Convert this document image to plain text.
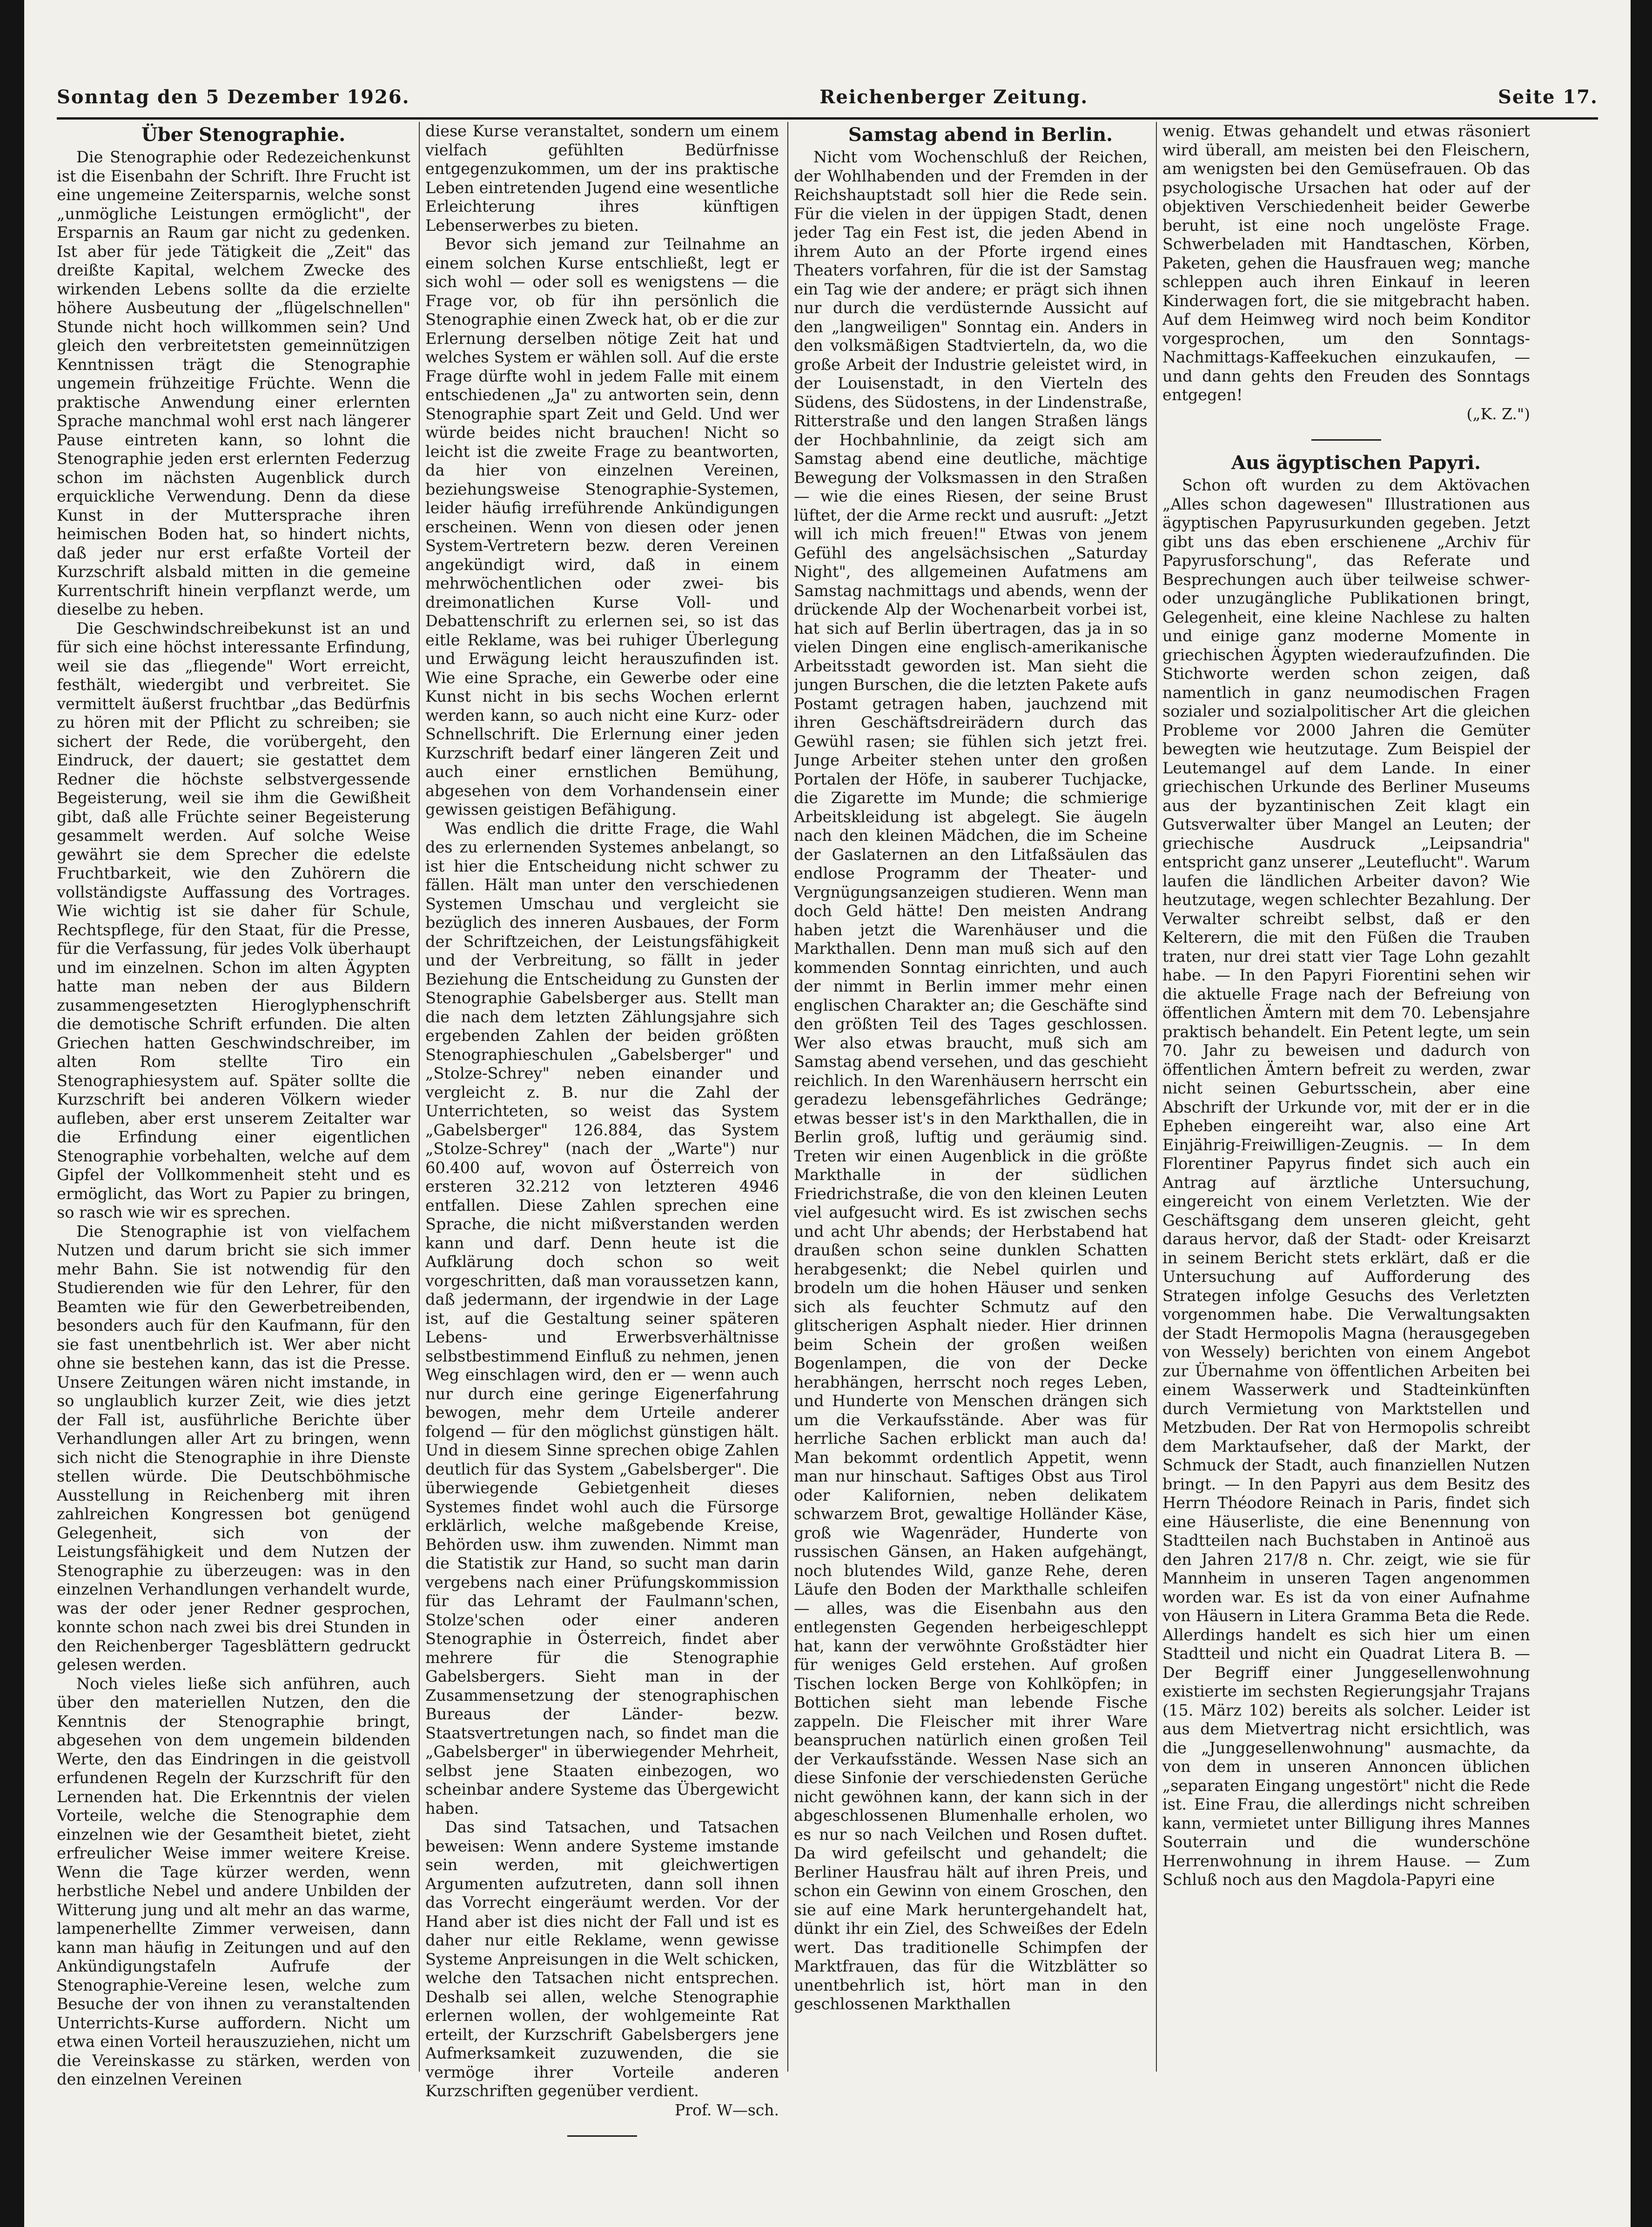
Sonntag den 5 Dezember 1926.	Reichenberger Zeitung.	Seite 17.

Über Stenographie.

Die Stenographie oder Redezeichenkunst ist die Eisenbahn der Schrift. Ihre Frucht ist eine ungemeine Zeitersparnis, welche sonst „unmögliche Leistungen ermöglicht", der Ersparnis an Raum gar nicht zu gedenken. Ist aber für jede Tätigkeit die „Zeit" das dreißte Kapital, welchem Zwecke des wirkenden Lebens sollte da die erzielte höhere Ausbeutung der „flügelschnellen" Stunde nicht hoch willkommen sein? Und gleich den verbreitetsten gemeinnützigen Kenntnissen trägt die Stenographie ungemein frühzeitige Früchte. Wenn die praktische Anwendung einer erlernten Sprache manchmal wohl erst nach längerer Pause eintreten kann, so lohnt die Stenographie jeden erst erlernten Federzug schon im nächsten Augenblick durch erquickliche Verwendung. Denn da diese Kunst in der Muttersprache ihren heimischen Boden hat, so hindert nichts, daß jeder nur erst erfaßte Vorteil der Kurzschrift alsbald mitten in die gemeine Kurrentschrift hinein verpflanzt werde, um dieselbe zu heben.

Die Geschwindschreibekunst ist an und für sich eine höchst interessante Erfindung, weil sie das „fliegende" Wort erreicht, festhält, wiedergibt und verbreitet. Sie vermittelt äußerst fruchtbar „das Bedürfnis zu hören mit der Pflicht zu schreiben; sie sichert der Rede, die vorübergeht, den Eindruck, der dauert; sie gestattet dem Redner die höchste selbstvergessende Begeisterung, weil sie ihm die Gewißheit gibt, daß alle Früchte seiner Begeisterung gesammelt werden. Auf solche Weise gewährt sie dem Sprecher die edelste Fruchtbarkeit, wie den Zuhörern die vollständigste Auffassung des Vortrages. Wie wichtig ist sie daher für Schule, Rechtspflege, für den Staat, für die Presse, für die Verfassung, für jedes Volk überhaupt und im einzelnen. Schon im alten Ägypten hatte man neben der aus Bildern zusammengesetzten Hieroglyphenschrift die demotische Schrift erfunden. Die alten Griechen hatten Geschwindschreiber, im alten Rom stellte Tiro ein Stenographiesystem auf. Später sollte die Kurzschrift bei anderen Völkern wieder aufleben, aber erst unserem Zeitalter war die Erfindung einer eigentlichen Stenographie vorbehalten, welche auf dem Gipfel der Vollkommenheit steht und es ermöglicht, das Wort zu Papier zu bringen, so rasch wie wir es sprechen.

Die Stenographie ist von vielfachem Nutzen und darum bricht sie sich immer mehr Bahn. Sie ist notwendig für den Studierenden wie für den Lehrer, für den Beamten wie für den Gewerbetreibenden, besonders auch für den Kaufmann, für den sie fast unentbehrlich ist. Wer aber nicht ohne sie bestehen kann, das ist die Presse. Unsere Zeitungen wären nicht imstande, in so unglaublich kurzer Zeit, wie dies jetzt der Fall ist, ausführliche Berichte über Verhandlungen aller Art zu bringen, wenn sich nicht die Stenographie in ihre Dienste stellen würde. Die Deutschböhmische Ausstellung in Reichenberg mit ihren zahlreichen Kongressen bot genügend Gelegenheit, sich von der Leistungsfähigkeit und dem Nutzen der Stenographie zu überzeugen: was in den einzelnen Verhandlungen verhandelt wurde, was der oder jener Redner gesprochen, konnte schon nach zwei bis drei Stunden in den Reichenberger Tagesblättern gedruckt gelesen werden.

Noch vieles ließe sich anführen, auch über den materiellen Nutzen, den die Kenntnis der Stenographie bringt, abgesehen von dem ungemein bildenden Werte, den das Eindringen in die geistvoll erfundenen Regeln der Kurzschrift für den Lernenden hat. Die Erkenntnis der vielen Vorteile, welche die Stenographie dem einzelnen wie der Gesamtheit bietet, zieht erfreulicher Weise immer weitere Kreise. Wenn die Tage kürzer werden, wenn herbstliche Nebel und andere Unbilden der Witterung jung und alt mehr an das warme, lampenerhellte Zimmer verweisen, dann kann man häufig in Zeitungen und auf den Ankündigungstafeln Aufrufe der Stenographie-Vereine lesen, welche zum Besuche der von ihnen zu veranstaltenden Unterrichts-Kurse auffordern. Nicht um etwa einen Vorteil herauszuziehen, nicht um die Vereinskasse zu stärken, werden von den einzelnen Vereinen

diese Kurse veranstaltet, sondern um einem vielfach gefühlten Bedürfnisse entgegenzukommen, um der ins praktische Leben eintretenden Jugend eine wesentliche Erleichterung ihres künftigen Lebenserwerbes zu bieten.

Bevor sich jemand zur Teilnahme an einem solchen Kurse entschließt, legt er sich wohl — oder soll es wenigstens — die Frage vor, ob für ihn persönlich die Stenographie einen Zweck hat, ob er die zur Erlernung derselben nötige Zeit hat und welches System er wählen soll. Auf die erste Frage dürfte wohl in jedem Falle mit einem entschiedenen „Ja" zu antworten sein, denn Stenographie spart Zeit und Geld. Und wer würde beides nicht brauchen! Nicht so leicht ist die zweite Frage zu beantworten, da hier von einzelnen Vereinen, beziehungsweise Stenographie-Systemen, leider häufig irreführende Ankündigungen erscheinen. Wenn von diesen oder jenen System-Vertretern bezw. deren Vereinen angekündigt wird, daß in einem mehrwöchentlichen oder zwei- bis dreimonatlichen Kurse Voll- und Debattenschrift zu erlernen sei, so ist das eitle Reklame, was bei ruhiger Überlegung und Erwägung leicht herauszufinden ist. Wie eine Sprache, ein Gewerbe oder eine Kunst nicht in bis sechs Wochen erlernt werden kann, so auch nicht eine Kurz- oder Schnellschrift. Die Erlernung einer jeden Kurzschrift bedarf einer längeren Zeit und auch einer ernstlichen Bemühung, abgesehen von dem Vorhandensein einer gewissen geistigen Befähigung.

Was endlich die dritte Frage, die Wahl des zu erlernenden Systemes anbelangt, so ist hier die Entscheidung nicht schwer zu fällen. Hält man unter den verschiedenen Systemen Umschau und vergleicht sie bezüglich des inneren Ausbaues, der Form der Schriftzeichen, der Leistungsfähigkeit und der Verbreitung, so fällt in jeder Beziehung die Entscheidung zu Gunsten der Stenographie Gabelsberger aus. Stellt man die nach dem letzten Zählungsjahre sich ergebenden Zahlen der beiden größten Stenographieschulen „Gabelsberger" und „Stolze-Schrey" neben einander und vergleicht z. B. nur die Zahl der Unterrichteten, so weist das System „Gabelsberger" 126.884, das System „Stolze-Schrey" (nach der „Warte") nur 60.400 auf, wovon auf Österreich von ersteren 32.212 von letzteren 4946 entfallen. Diese Zahlen sprechen eine Sprache, die nicht mißverstanden werden kann und darf. Denn heute ist die Aufklärung doch schon so weit vorgeschritten, daß man voraussetzen kann, daß jedermann, der irgendwie in der Lage ist, auf die Gestaltung seiner späteren Lebens- und Erwerbsverhältnisse selbstbestimmend Einfluß zu nehmen, jenen Weg einschlagen wird, den er — wenn auch nur durch eine geringe Eigenerfahrung bewogen, mehr dem Urteile anderer folgend — für den möglichst günstigen hält. Und in diesem Sinne sprechen obige Zahlen deutlich für das System „Gabelsberger". Die überwiegende Gebietgenheit dieses Systemes findet wohl auch die Fürsorge erklärlich, welche maßgebende Kreise, Behörden usw. ihm zuwenden. Nimmt man die Statistik zur Hand, so sucht man darin vergebens nach einer Prüfungskommission für das Lehramt der Faulmann'schen, Stolze'schen oder einer anderen Stenographie in Österreich, findet aber mehrere für die Stenographie Gabelsbergers. Sieht man in der Zusammensetzung der stenographischen Bureaus der Länder- bezw. Staatsvertretungen nach, so findet man die „Gabelsberger" in überwiegender Mehrheit, selbst jene Staaten einbezogen, wo scheinbar andere Systeme das Übergewicht haben.

Das sind Tatsachen, und Tatsachen beweisen: Wenn andere Systeme imstande sein werden, mit gleichwertigen Argumenten aufzutreten, dann soll ihnen das Vorrecht eingeräumt werden. Vor der Hand aber ist dies nicht der Fall und ist es daher nur eitle Reklame, wenn gewisse Systeme Anpreisungen in die Welt schicken, welche den Tatsachen nicht entsprechen. Deshalb sei allen, welche Stenographie erlernen wollen, der wohlgemeinte Rat erteilt, der Kurzschrift Gabelsbergers jene Aufmerksamkeit zuzuwenden, die sie vermöge ihrer Vorteile anderen Kurzschriften gegenüber verdient.

Prof. W—sch.

Samstag abend in Berlin.

Nicht vom Wochenschluß der Reichen, der Wohlhabenden und der Fremden in der Reichshauptstadt soll hier die Rede sein. Für die vielen in der üppigen Stadt, denen jeder Tag ein Fest ist, die jeden Abend in ihrem Auto an der Pforte irgend eines Theaters vorfahren, für die ist der Samstag ein Tag wie der andere; er prägt sich ihnen nur durch die verdüsternde Aussicht auf den „langweiligen" Sonntag ein. Anders in den volksmäßigen Stadtvierteln, da, wo die große Arbeit der Industrie geleistet wird, in der Louisenstadt, in den Vierteln des Südens, des Südostens, in der Lindenstraße, Ritterstraße und den langen Straßen längs der Hochbahnlinie, da zeigt sich am Samstag abend eine deutliche, mächtige Bewegung der Volksmassen in den Straßen — wie die eines Riesen, der seine Brust lüftet, der die Arme reckt und ausruft: „Jetzt will ich mich freuen!" Etwas von jenem Gefühl des angelsächsischen „Saturday Night", des allgemeinen Aufatmens am Samstag nachmittags und abends, wenn der drückende Alp der Wochenarbeit vorbei ist, hat sich auf Berlin übertragen, das ja in so vielen Dingen eine englisch-amerikanische Arbeitsstadt geworden ist. Man sieht die jungen Burschen, die die letzten Pakete aufs Postamt getragen haben, jauchzend mit ihren Geschäftsdreirädern durch das Gewühl rasen; sie fühlen sich jetzt frei. Junge Arbeiter stehen unter den großen Portalen der Höfe, in sauberer Tuchjacke, die Zigarette im Munde; die schmierige Arbeitskleidung ist abgelegt. Sie äugeln nach den kleinen Mädchen, die im Scheine der Gaslaternen an den Litfaßsäulen das endlose Programm der Theater- und Vergnügungsanzeigen studieren. Wenn man doch Geld hätte! Den meisten Andrang haben jetzt die Warenhäuser und die Markthallen. Denn man muß sich auf den kommenden Sonntag einrichten, und auch der nimmt in Berlin immer mehr einen englischen Charakter an; die Geschäfte sind den größten Teil des Tages geschlossen. Wer also etwas braucht, muß sich am Samstag abend versehen, und das geschieht reichlich. In den Warenhäusern herrscht ein geradezu lebensgefährliches Gedränge; etwas besser ist's in den Markthallen, die in Berlin groß, luftig und geräumig sind. Treten wir einen Augenblick in die größte Markthalle in der südlichen Friedrichstraße, die von den kleinen Leuten viel aufgesucht wird. Es ist zwischen sechs und acht Uhr abends; der Herbstabend hat draußen schon seine dunklen Schatten herabgesenkt; die Nebel quirlen und brodeln um die hohen Häuser und senken sich als feuchter Schmutz auf den glitscherigen Asphalt nieder. Hier drinnen beim Schein der großen weißen Bogenlampen, die von der Decke herabhängen, herrscht noch reges Leben, und Hunderte von Menschen drängen sich um die Verkaufsstände. Aber was für herrliche Sachen erblickt man auch da! Man bekommt ordentlich Appetit, wenn man nur hinschaut. Saftiges Obst aus Tirol oder Kalifornien, neben delikatem schwarzem Brot, gewaltige Holländer Käse, groß wie Wagenräder, Hunderte von russischen Gänsen, an Haken aufgehängt, noch blutendes Wild, ganze Rehe, deren Läufe den Boden der Markthalle schleifen — alles, was die Eisenbahn aus den entlegensten Gegenden herbeigeschleppt hat, kann der verwöhnte Großstädter hier für weniges Geld erstehen. Auf großen Tischen locken Berge von Kohlköpfen; in Bottichen sieht man lebende Fische zappeln. Die Fleischer mit ihrer Ware beanspruchen natürlich einen großen Teil der Verkaufsstände. Wessen Nase sich an diese Sinfonie der verschiedensten Gerüche nicht gewöhnen kann, der kann sich in der abgeschlossenen Blumenhalle erholen, wo es nur so nach Veilchen und Rosen duftet. Da wird gefeilscht und gehandelt; die Berliner Hausfrau hält auf ihren Preis, und schon ein Gewinn von einem Groschen, den sie auf eine Mark heruntergehandelt hat, dünkt ihr ein Ziel, des Schweißes der Edeln wert. Das traditionelle Schimpfen der Marktfrauen, das für die Witzblätter so unentbehrlich ist, hört man in den geschlossenen Markthallen

wenig. Etwas gehandelt und etwas räsoniert wird überall, am meisten bei den Fleischern, am wenigsten bei den Gemüsefrauen. Ob das psychologische Ursachen hat oder auf der objektiven Verschiedenheit beider Gewerbe beruht, ist eine noch ungelöste Frage. Schwerbeladen mit Handtaschen, Körben, Paketen, gehen die Hausfrauen weg; manche schleppen auch ihren Einkauf in leeren Kinderwagen fort, die sie mitgebracht haben. Auf dem Heimweg wird noch beim Konditor vorgesprochen, um den Sonntags-Nachmittags-Kaffeekuchen einzukaufen, — und dann gehts den Freuden des Sonntags entgegen!

(„K. Z.")

Aus ägyptischen Papyri.

Schon oft wurden zu dem Aktövachen „Alles schon dagewesen" Illustrationen aus ägyptischen Papyrusurkunden gegeben. Jetzt gibt uns das eben erschienene „Archiv für Papyrusforschung", das Referate und Besprechungen auch über teilweise schwer- oder unzugängliche Publikationen bringt, Gelegenheit, eine kleine Nachlese zu halten und einige ganz moderne Momente in griechischen Ägypten wiederaufzufinden. Die Stichworte werden schon zeigen, daß namentlich in ganz neumodischen Fragen sozialer und sozialpolitischer Art die gleichen Probleme vor 2000 Jahren die Gemüter bewegten wie heutzutage. Zum Beispiel der Leutemangel auf dem Lande. In einer griechischen Urkunde des Berliner Museums aus der byzantinischen Zeit klagt ein Gutsverwalter über Mangel an Leuten; der griechische Ausdruck „Leipsandria" entspricht ganz unserer „Leuteflucht". Warum laufen die ländlichen Arbeiter davon? Wie heutzutage, wegen schlechter Bezahlung. Der Verwalter schreibt selbst, daß er den Kelterern, die mit den Füßen die Trauben traten, nur drei statt vier Tage Lohn gezahlt habe. — In den Papyri Fiorentini sehen wir die aktuelle Frage nach der Befreiung von öffentlichen Ämtern mit dem 70. Lebensjahre praktisch behandelt. Ein Petent legte, um sein 70. Jahr zu beweisen und dadurch von öffentlichen Ämtern befreit zu werden, zwar nicht seinen Geburtsschein, aber eine Abschrift der Urkunde vor, mit der er in die Epheben eingereiht war, also eine Art Einjährig-Freiwilligen-Zeugnis. — In dem Florentiner Papyrus findet sich auch ein Antrag auf ärztliche Untersuchung, eingereicht von einem Verletzten. Wie der Geschäftsgang dem unseren gleicht, geht daraus hervor, daß der Stadt- oder Kreisarzt in seinem Bericht stets erklärt, daß er die Untersuchung auf Aufforderung des Strategen infolge Gesuchs des Verletzten vorgenommen habe. Die Verwaltungsakten der Stadt Hermopolis Magna (herausgegeben von Wessely) berichten von einem Angebot zur Übernahme von öffentlichen Arbeiten bei einem Wasserwerk und Stadteinkünften durch Vermietung von Marktstellen und Metzbuden. Der Rat von Hermopolis schreibt dem Marktaufseher, daß der Markt, der Schmuck der Stadt, auch finanziellen Nutzen bringt. — In den Papyri aus dem Besitz des Herrn Théodore Reinach in Paris, findet sich eine Häuserliste, die eine Benennung von Stadtteilen nach Buchstaben in Antinoë aus den Jahren 217/8 n. Chr. zeigt, wie sie für Mannheim in unseren Tagen angenommen worden war. Es ist da von einer Aufnahme von Häusern in Litera Gramma Beta die Rede. Allerdings handelt es sich hier um einen Stadtteil und nicht ein Quadrat Litera B. — Der Begriff einer Junggesellenwohnung existierte im sechsten Regierungsjahr Trajans (15. März 102) bereits als solcher. Leider ist aus dem Mietvertrag nicht ersichtlich, was die „Junggesellenwohnung" ausmachte, da von dem in unseren Annoncen üblichen „separaten Eingang ungestört" nicht die Rede ist. Eine Frau, die allerdings nicht schreiben kann, vermietet unter Billigung ihres Mannes Souterrain und die wunderschöne Herrenwohnung in ihrem Hause. — Zum Schluß noch aus den Magdola-Papyri eine
